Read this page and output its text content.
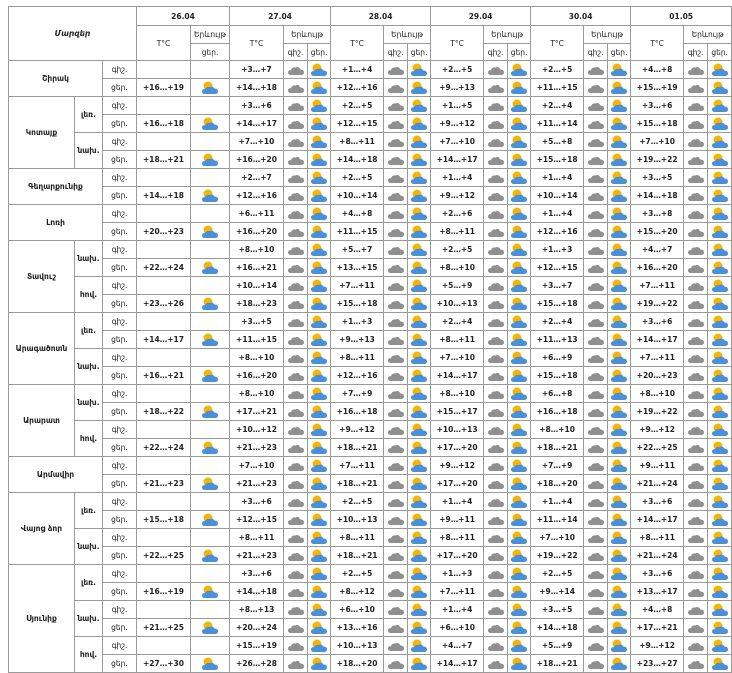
Մարզեր			26.04		27.04			28.04			29.04			30.04			01.05		
			T°C	Երևույթ	T°C	Երևույթ		T°C	Երևույթ		T°C	Երևույթ		T°C	Երևույթ		T°C	Երևույթ	
				ցեր.		գիշ.	ցեր.		գիշ.	ցեր.		գիշ.	ցեր.		գիշ.	ցեր.		գիշ.	ցեր.
Շիրակ		գիշ.			+3…+7			+1…+4			+2…+5			+2…+5			+4…+8		
		ցեր.	+16…+19		+14…+18			+12…+16			+9…+13			+11…+15			+15…+19		
Կոտայք	լեռ.	գիշ.			+3…+6			+2…+5			+1…+5			+2…+4			+3…+6		
		ցեր.	+16…+18		+14…+17			+12…+15			+9…+12			+11…+14			+15…+18		
	նախ.	գիշ.			+7…+10			+8…+11			+7…+10			+5…+8			+7…+10		
		ցեր.	+18…+21		+16…+20			+14…+18			+14…+17			+15…+18			+19…+22		
Գեղարքունիք		գիշ.			+2…+7			+2…+5			+1…+4			+1…+4			+3…+5		
		ցեր.	+14…+18		+12…+16			+10…+14			+9…+12			+10…+14			+14…+18		
Լոռի		գիշ.			+6…+11			+4…+8			+2…+6			+1…+4			+3…+8		
		ցեր.	+20…+23		+16…+20			+11…+15			+8…+11			+12…+16			+15…+20		
Տավուշ	նախ.	գիշ.			+8…+10			+5…+7			+2…+5			+1…+3			+4…+7		
		ցեր.	+22…+24		+16…+21			+13…+15			+8…+10			+12…+15			+16…+20		
	հով.	գիշ.			+10…+14			+7…+11			+5…+9			+3…+7			+7…+11		
		ցեր.	+23…+26		+18…+23			+15…+18			+10…+13			+15…+18			+19…+22		
Արագածոտն	լեռ.	գիշ.			+3…+5			+1…+3			+2…+4			+2…+4			+3…+6		
		ցեր.	+14…+17		+11…+15			+9…+13			+8…+11			+11…+13			+14…+17		
	նախ.	գիշ.			+8…+10			+8…+11			+7…+10			+6…+9			+7…+11		
		ցեր.	+16…+21		+16…+20			+12…+16			+14…+17			+15…+18			+20…+23		
Արարատ	նախ.	գիշ.			+8…+10			+7…+9			+8…+10			+6…+8			+8…+10		
		ցեր.	+18…+22		+17…+21			+16…+18			+15…+17			+16…+18			+19…+22		
	հով.	գիշ.			+10…+12			+9…+12			+10…+13			+8…+10			+9…+12		
		ցեր.	+22…+24		+21…+23			+18…+21			+17…+20			+18…+21			+22…+25		
Արմավիր		գիշ.			+7…+10			+7…+11			+9…+12			+7…+9			+9…+11		
		ցեր.	+21…+23		+21…+23			+18…+21			+17…+20			+18…+20			+21…+24		
Վայոց ձոր	լեռ.	գիշ.			+3…+6			+2…+5			+1…+4			+1…+4			+3…+6		
		ցեր.	+15…+18		+12…+15			+10…+13			+9…+11			+11…+14			+14…+17		
	նախ.	գիշ.			+8…+11			+8…+11			+8…+11			+7…+10			+8…+11		
		ցեր.	+22…+25		+21…+23			+18…+21			+17…+20			+19…+22			+21…+24		
Սյունիք	լեռ.	գիշ.			+3…+6			+2…+5			+1…+3			+2…+5			+3…+6		
		ցեր.	+16…+19		+14…+18			+8…+12			+7…+11			+9…+14			+13…+17		
	նախ.	գիշ.			+8…+13			+6…+10			+1…+4			+3…+5			+4…+8		
		ցեր.	+21…+25		+20…+24			+13…+16			+6…+10			+14…+18			+17…+21		
	հով.	գիշ.			+15…+19			+10…+13			+4…+7			+5…+9			+9…+12		
		ցեր.	+27…+30		+26…+28			+18…+20			+14…+17			+18…+21			+23…+27		
